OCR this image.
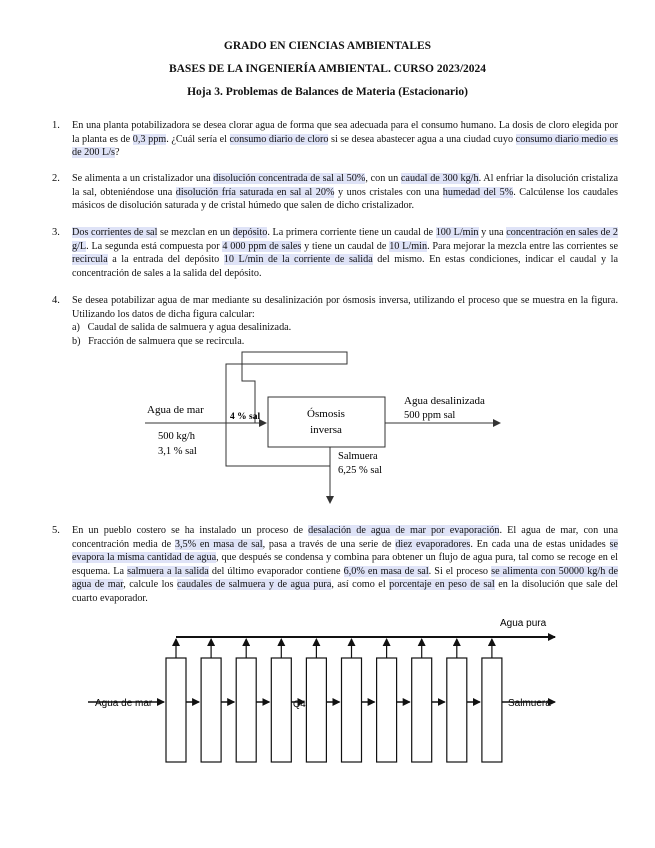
GRADO EN CIENCIAS AMBIENTALES
BASES DE LA INGENIERÍA AMBIENTAL. CURSO 2023/2024
Hoja 3. Problemas de Balances de Materia (Estacionario)
1. En una planta potabilizadora se desea clorar agua de forma que sea adecuada para el consumo humano. La dosis de cloro elegida por la planta es de 0,3 ppm. ¿Cuál sería el consumo diario de cloro si se desea abastecer agua a una ciudad cuyo consumo diario medio es de 200 L/s?
2. Se alimenta a un cristalizador una disolución concentrada de sal al 50%, con un caudal de 300 kg/h. Al enfriar la disolución cristaliza la sal, obteniéndose una disolución fría saturada en sal al 20% y unos cristales con una humedad del 5%. Calcúlense los caudales másicos de disolución saturada y de cristal húmedo que salen de dicho cristalizador.
3. Dos corrientes de sal se mezclan en un depósito. La primera corriente tiene un caudal de 100 L/min y una concentración en sales de 2 g/L. La segunda está compuesta por 4 000 ppm de sales y tiene un caudal de 10 L/min. Para mejorar la mezcla entre las corrientes se recircula a la entrada del depósito 10 L/min de la corriente de salida del mismo. En estas condiciones, indicar el caudal y la concentración de sales a la salida del depósito.
4. Se desea potabilizar agua de mar mediante su desalinización por ósmosis inversa, utilizando el proceso que se muestra en la figura. Utilizando los datos de dicha figura calcular:
a) Caudal de salida de salmuera y agua desalinizada.
b) Fracción de salmuera que se recircula.
Agua de mar
500 kg/h
3,1 % sal
4 % sal	Ósmosis
inversa
Agua desalinizada
500 ppm sal
Salmuera
6,25 % sal
5. En un pueblo costero se ha instalado un proceso de desalación de agua de mar por evaporación. El agua de mar, con una concentración media de 3,5% en masa de sal, pasa a través de una serie de diez evaporadores. En cada una de estas unidades se evapora la misma cantidad de agua, que después se condensa y combina para obtener un flujo de agua pura, tal como se recoge en el esquema. La salmuera a la salida del último evaporador contiene 6,0% en masa de sal. Si el proceso se alimenta con 50000 kg/h de agua de mar, calcule los caudales de salmuera y de agua pura, así como el porcentaje en peso de sal en la disolución que sale del cuarto evaporador.
Agua pura
Agua de mar	Q4	Salmuera
